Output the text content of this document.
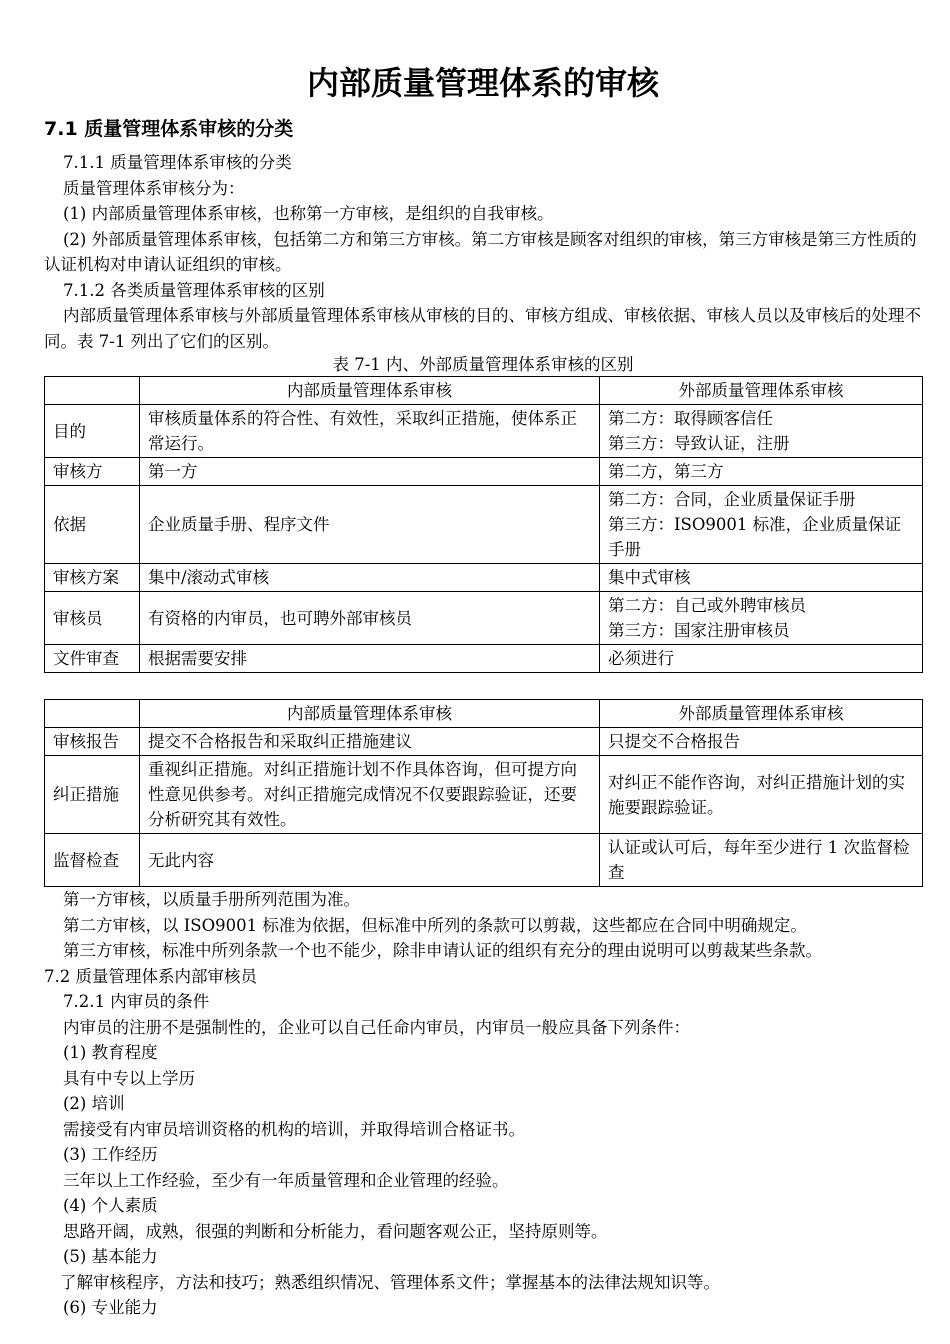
内部质量管理体系的审核
7.1 质量管理体系审核的分类

7.1.1 质量管理体系审核的分类

质量管理体系审核分为：

(1) 内部质量管理体系审核，也称第一方审核，是组织的自我审核。

(2) 外部质量管理体系审核，包括第二方和第三方审核。第二方审核是顾客对组织的审核，第三方审核是第三方性质的认证机构对申请认证组织的审核。

7.1.2 各类质量管理体系审核的区别

内部质量管理体系审核与外部质量管理体系审核从审核的目的、审核方组成、审核依据、审核人员以及审核后的处理不同。表 7-1 列出了它们的区别。

表 7-1 内、外部质量管理体系审核的区别

	内部质量管理体系审核	外部质量管理体系审核
目的	审核质量体系的符合性、有效性，采取纠正措施，使体系正常运行。	第二方：取得顾客信任
第三方：导致认证，注册

审核方	第一方	第二方，第三方

依据	企业质量手册、程序文件	第二方：合同，企业质量保证手册
第三方：ISO9001 标准，企业质量保证手册

审核方案	集中/滚动式审核	集中式审核

审核员	有资格的内审员，也可聘外部审核员	第二方：自己或外聘审核员
第三方：国家注册审核员

文件审查	根据需要安排	必须进行
	内部质量管理体系审核	外部质量管理体系审核
审核报告	提交不合格报告和采取纠正措施建议	只提交不合格报告

纠正措施	重视纠正措施。对纠正措施计划不作具体咨询，但可提方向性意见供参考。对纠正措施完成情况不仅要跟踪验证，还要分析研究其有效性。	对纠正不能作咨询，对纠正措施计划的实施要跟踪验证。

监督检查	无此内容	认证或认可后，每年至少进行 1 次监督检查

第一方审核，以质量手册所列范围为准。

第二方审核，以 ISO9001 标准为依据，但标准中所列的条款可以剪裁，这些都应在合同中明确规定。

第三方审核，标准中所列条款一个也不能少，除非申请认证的组织有充分的理由说明可以剪裁某些条款。

7.2 质量管理体系内部审核员

7.2.1 内审员的条件

内审员的注册不是强制性的，企业可以自己任命内审员，内审员一般应具备下列条件：

(1) 教育程度

具有中专以上学历

(2) 培训

需接受有内审员培训资格的机构的培训，并取得培训合格证书。

(3) 工作经历

三年以上工作经验，至少有一年质量管理和企业管理的经验。

(4) 个人素质

思路开阔，成熟，很强的判断和分析能力，看问题客观公正，坚持原则等。

(5) 基本能力

了解审核程序，方法和技巧；熟悉组织情况、管理体系文件；掌握基本的法律法规知识等。

(6) 专业能力
